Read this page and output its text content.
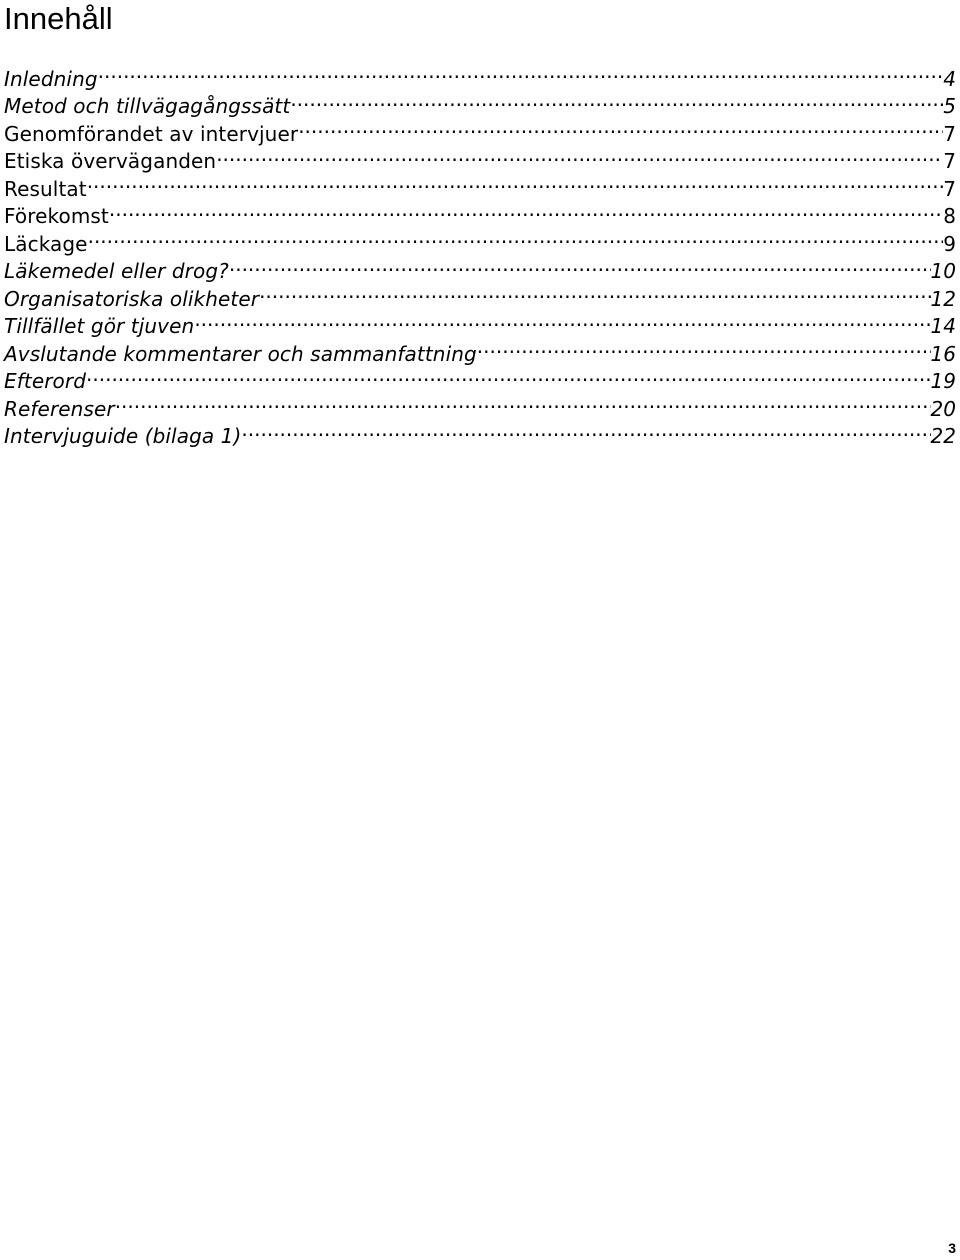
Innehåll
Inledning .....	4
Metod och tillvägagångssätt .....	5
Genomförandet av intervjuer .....	7
Etiska överväganden .....	7
Resultat .....	7
Förekomst .....	8
Läckage .....	9
Läkemedel eller drog? .....	10
Organisatoriska olikheter .....	12
Tillfället gör tjuven .....	14
Avslutande kommentarer och sammanfattning .....	16
Efterord .....	19
Referenser .....	20
Intervjuguide (bilaga 1) .....	22
3
